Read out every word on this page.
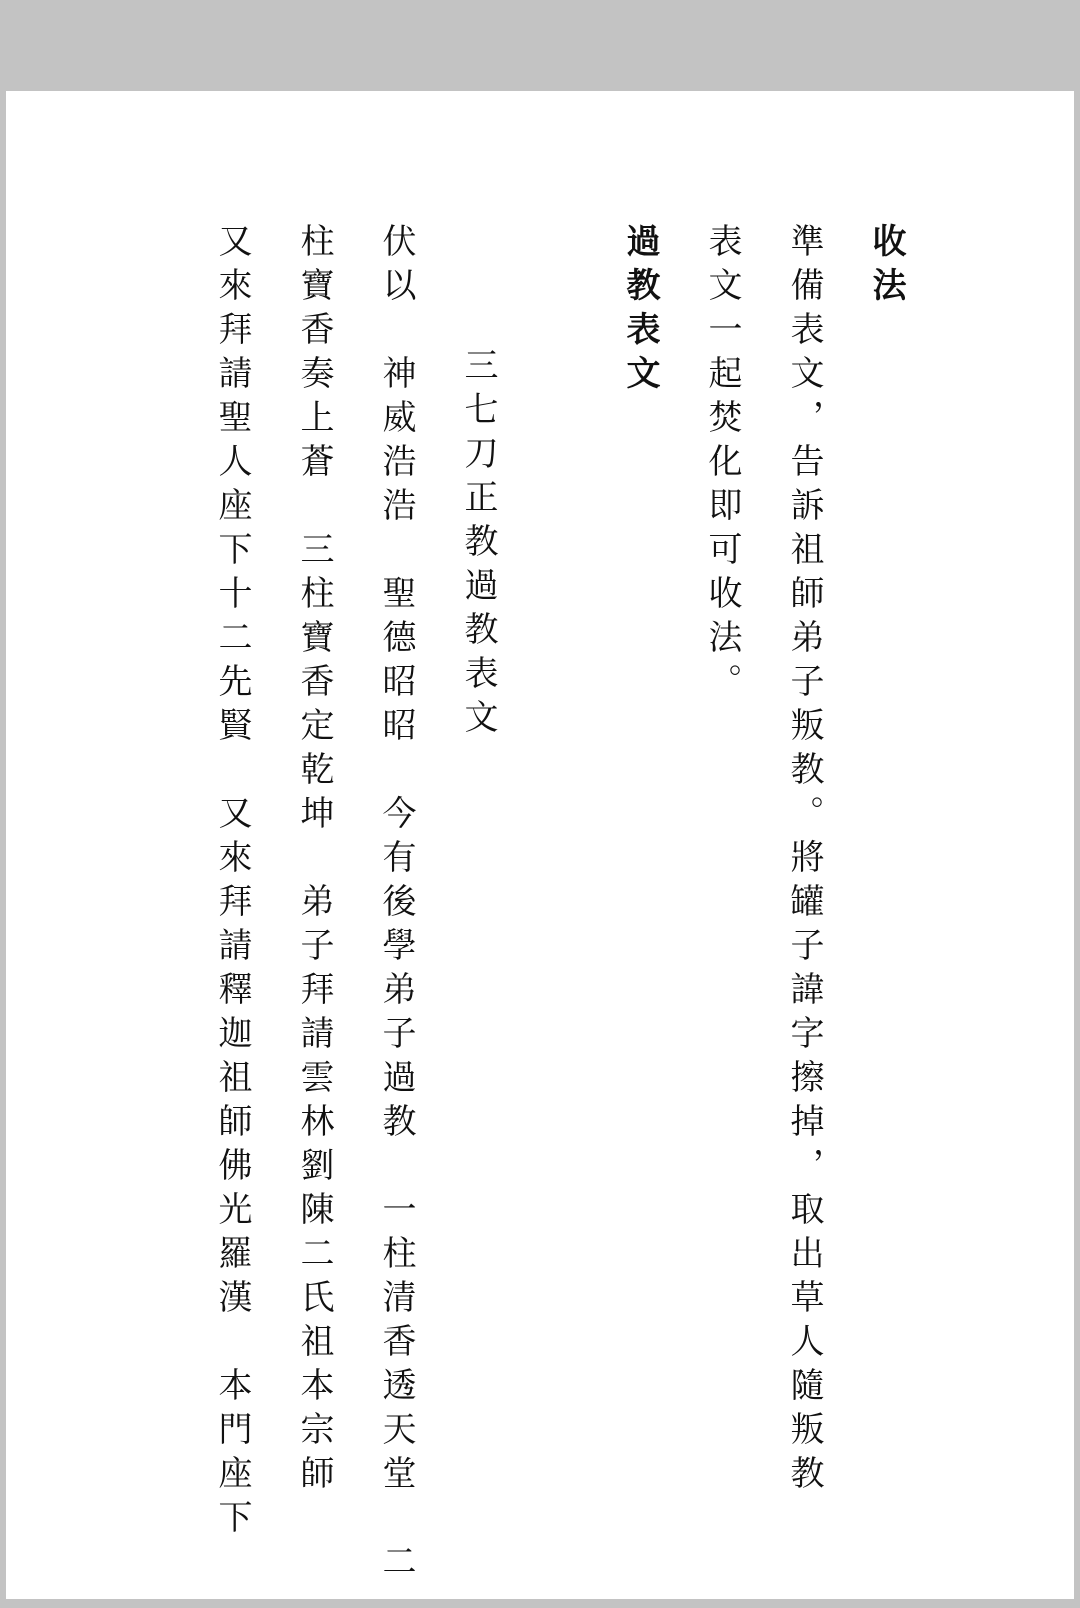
收法
準備表文，告訴祖師弟子叛教。將罐子諱字擦掉，取出草人隨叛教
表文一起焚化即可收法。
過教表文
三七刀正教過教表文
伏以　神威浩浩　聖德昭昭　今有後學弟子過教　一柱清香透天堂　二
柱寶香奏上蒼　三柱寶香定乾坤　弟子拜請雲林劉陳二氏祖本宗師
又來拜請聖人座下十二先賢　又來拜請釋迦祖師佛光羅漢　本門座下
